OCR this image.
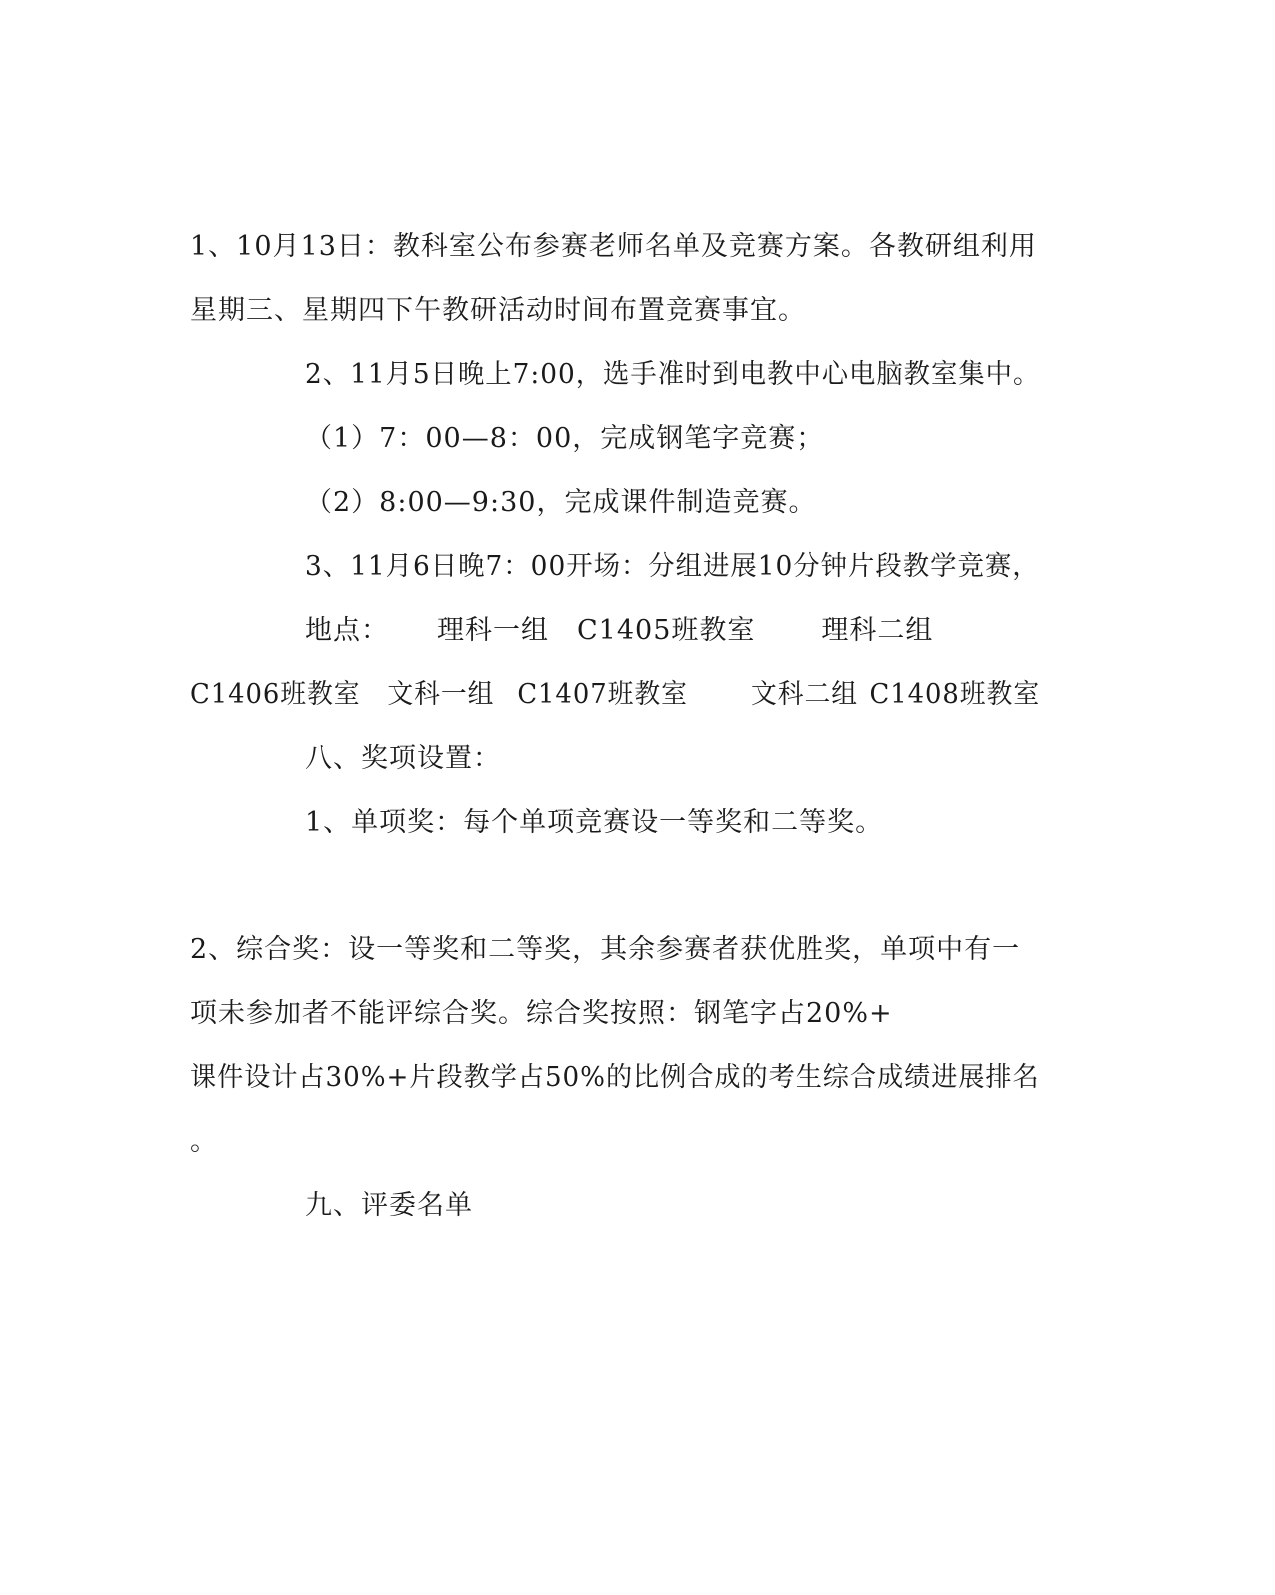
1、10月13日：教科室公布参赛老师名单及竞赛方案。各教研组利用
星期三、星期四下午教研活动时间布置竞赛事宜。
2、11月5日晚上7:00，选手准时到电教中心电脑教室集中。
（1）7：00—8：00，完成钢笔字竞赛；
（2）8:00—9:30，完成课件制造竞赛。
3、11月6日晚7：00开场：分组进展10分钟片段教学竞赛，
地点： 理科一组 C1405班教室 理科二组
C1406班教室 文科一组 C1407班教室 文科二组 C1408班教室
八、奖项设置：
1、单项奖：每个单项竞赛设一等奖和二等奖。
2、综合奖：设一等奖和二等奖，其余参赛者获优胜奖，单项中有一
项未参加者不能评综合奖。综合奖按照：钢笔字占20%+
课件设计占30%+片段教学占50%的比例合成的考生综合成绩进展排名
。
九、评委名单
